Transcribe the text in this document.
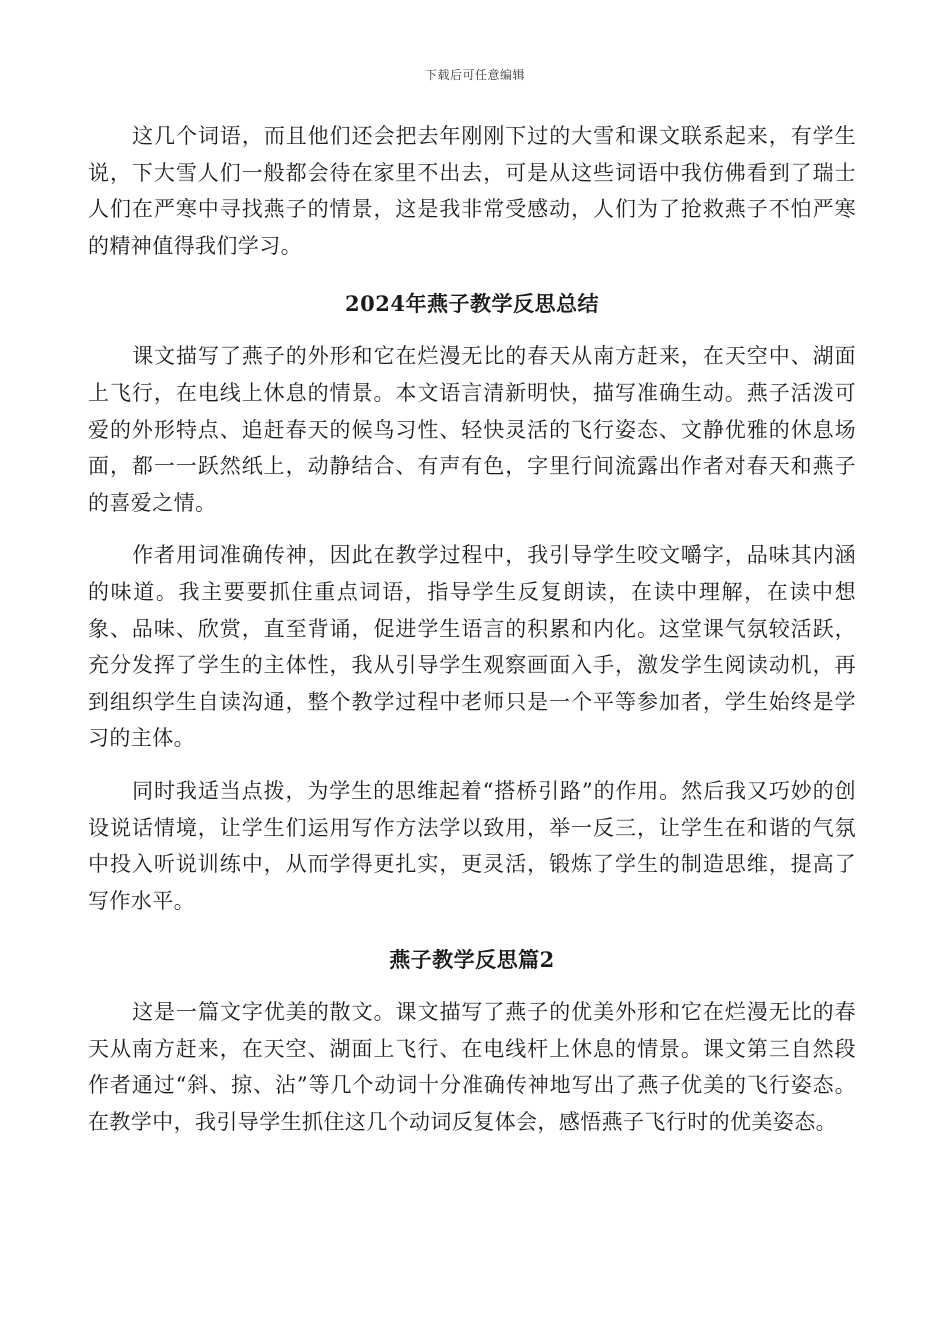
下载后可任意编辑

这几个词语，而且他们还会把去年刚刚下过的大雪和课文联系起来，有学生说，下大雪人们一般都会待在家里不出去，可是从这些词语中我仿佛看到了瑞士人们在严寒中寻找燕子的情景，这是我非常受感动，人们为了抢救燕子不怕严寒的精神值得我们学习。

2024年燕子教学反思总结

课文描写了燕子的外形和它在烂漫无比的春天从南方赶来，在天空中、湖面上飞行，在电线上休息的情景。本文语言清新明快，描写准确生动。燕子活泼可爱的外形特点、追赶春天的候鸟习性、轻快灵活的飞行姿态、文静优雅的休息场面，都一一跃然纸上，动静结合、有声有色，字里行间流露出作者对春天和燕子的喜爱之情。

作者用词准确传神，因此在教学过程中，我引导学生咬文嚼字，品味其内涵的味道。我主要要抓住重点词语，指导学生反复朗读，在读中理解，在读中想象、品味、欣赏，直至背诵，促进学生语言的积累和内化。这堂课气氛较活跃，充分发挥了学生的主体性，我从引导学生观察画面入手，激发学生阅读动机，再到组织学生自读沟通，整个教学过程中老师只是一个平等参加者，学生始终是学习的主体。

同时我适当点拨，为学生的思维起着“搭桥引路”的作用。然后我又巧妙的创设说话情境，让学生们运用写作方法学以致用，举一反三，让学生在和谐的气氛中投入听说训练中，从而学得更扎实，更灵活，锻炼了学生的制造思维，提高了写作水平。

燕子教学反思篇2

这是一篇文字优美的散文。课文描写了燕子的优美外形和它在烂漫无比的春天从南方赶来，在天空、湖面上飞行、在电线杆上休息的情景。课文第三自然段作者通过“斜、掠、沾”等几个动词十分准确传神地写出了燕子优美的飞行姿态。在教学中，我引导学生抓住这几个动词反复体会，感悟燕子飞行时的优美姿态。
